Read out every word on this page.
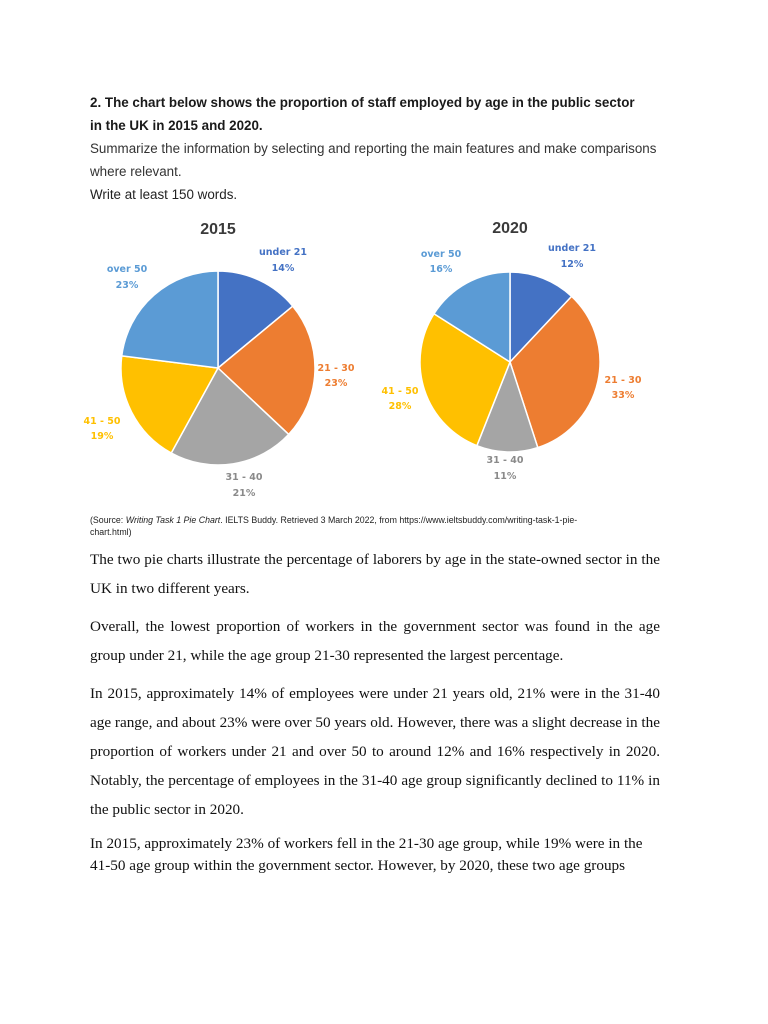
2. The chart below shows the proportion of staff employed by age in the public sector

in the UK in 2015 and 2020.

Summarize the information by selecting and reporting the main features and make comparisons

where relevant.

Write at least 150 words.

2015
under 21
14%
21 - 30
23%
31 - 40
21%
41 - 50
19%
over 50
23%
2020
under 21
12%
21 - 30
33%
31 - 40
11%
41 - 50
28%
over 50
16%

(Source: Writing Task 1 Pie Chart. IELTS Buddy. Retrieved 3 March 2022, from https://www.ieltsbuddy.com/writing-task-1-pie-
chart.html)

The two pie charts illustrate the percentage of laborers by age in the state-owned sector in the UK in two different years.

Overall, the lowest proportion of workers in the government sector was found in the age group under 21, while the age group 21-30 represented the largest percentage.

In 2015, approximately 14% of employees were under 21 years old, 21% were in the 31-40 age range, and about 23% were over 50 years old. However, there was a slight decrease in the proportion of workers under 21 and over 50 to around 12% and 16% respectively in 2020. Notably, the percentage of employees in the 31-40 age group significantly declined to 11% in the public sector in 2020.

In 2015, approximately 23% of workers fell in the 21-30 age group, while 19% were in the 41-50 age group within the government sector. However, by 2020, these two age groups
